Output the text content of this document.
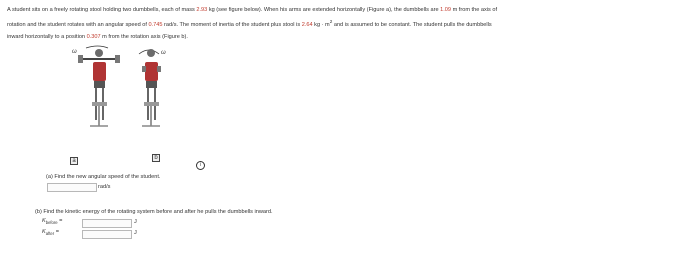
A student sits on a freely rotating stool holding two dumbbells, each of mass 2.93 kg (see figure below). When his arms are extended horizontally (Figure a), the dumbbells are 1.09 m from the axis of
rotation and the student rotates with an angular speed of 0.745 rad/s. The moment of inertia of the student plus stool is 2.64 kg · $m^2$ and is assumed to be constant. The student pulls the dumbbells
inward horizontally to a position 0.307 m from the rotation axis (Figure b).
ω	ω
a	b
i
(a) Find the new angular speed of the student.
rad/s
(b) Find the kinetic energy of the rotating system before and after he pulls the dumbbells inward.
$K_{before}$ =	J
$K_{after}$ =	J
